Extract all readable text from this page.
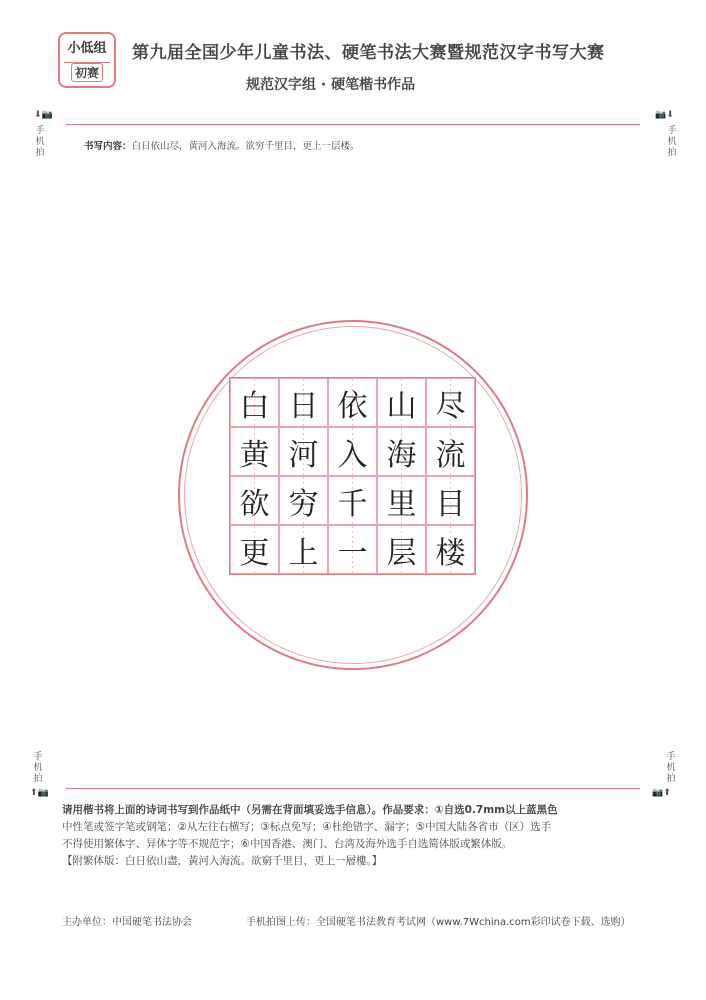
小低组
初赛
第九届全国少年儿童书法、硬笔书法大赛暨规范汉字书写大赛
规范汉字组 · 硬笔楷书作品
⬇📷
手机拍
📷⬇
手机拍
书写内容：白日依山尽，黄河入海流。欲穷千里目，更上一层楼。
白 日 依 山 尽
黄 河 入 海 流
欲 穷 千 里 目
更 上 一 层 楼
手机拍
⬆📷
手机拍
📷⬆
请用楷书将上面的诗词书写到作品纸中（另需在背面填妥选手信息）。作品要求：①自选0.7mm以上蓝黑色
中性笔或签字笔或钢笔；②从左往右横写；③标点免写；④杜绝错字、漏字；⑤中国大陆各省市（区）选手
不得使用繁体字、异体字等不规范字；⑥中国香港、澳门、台湾及海外选手自选简体版或繁体版。
【附繁体版：白日依山盡，黃河入海流。欲窮千里目，更上一層樓。】
主办单位：中国硬笔书法协会	手机拍图上传：全国硬笔书法教育考试网（www.7Wchina.com彩印试卷下载、选购）
